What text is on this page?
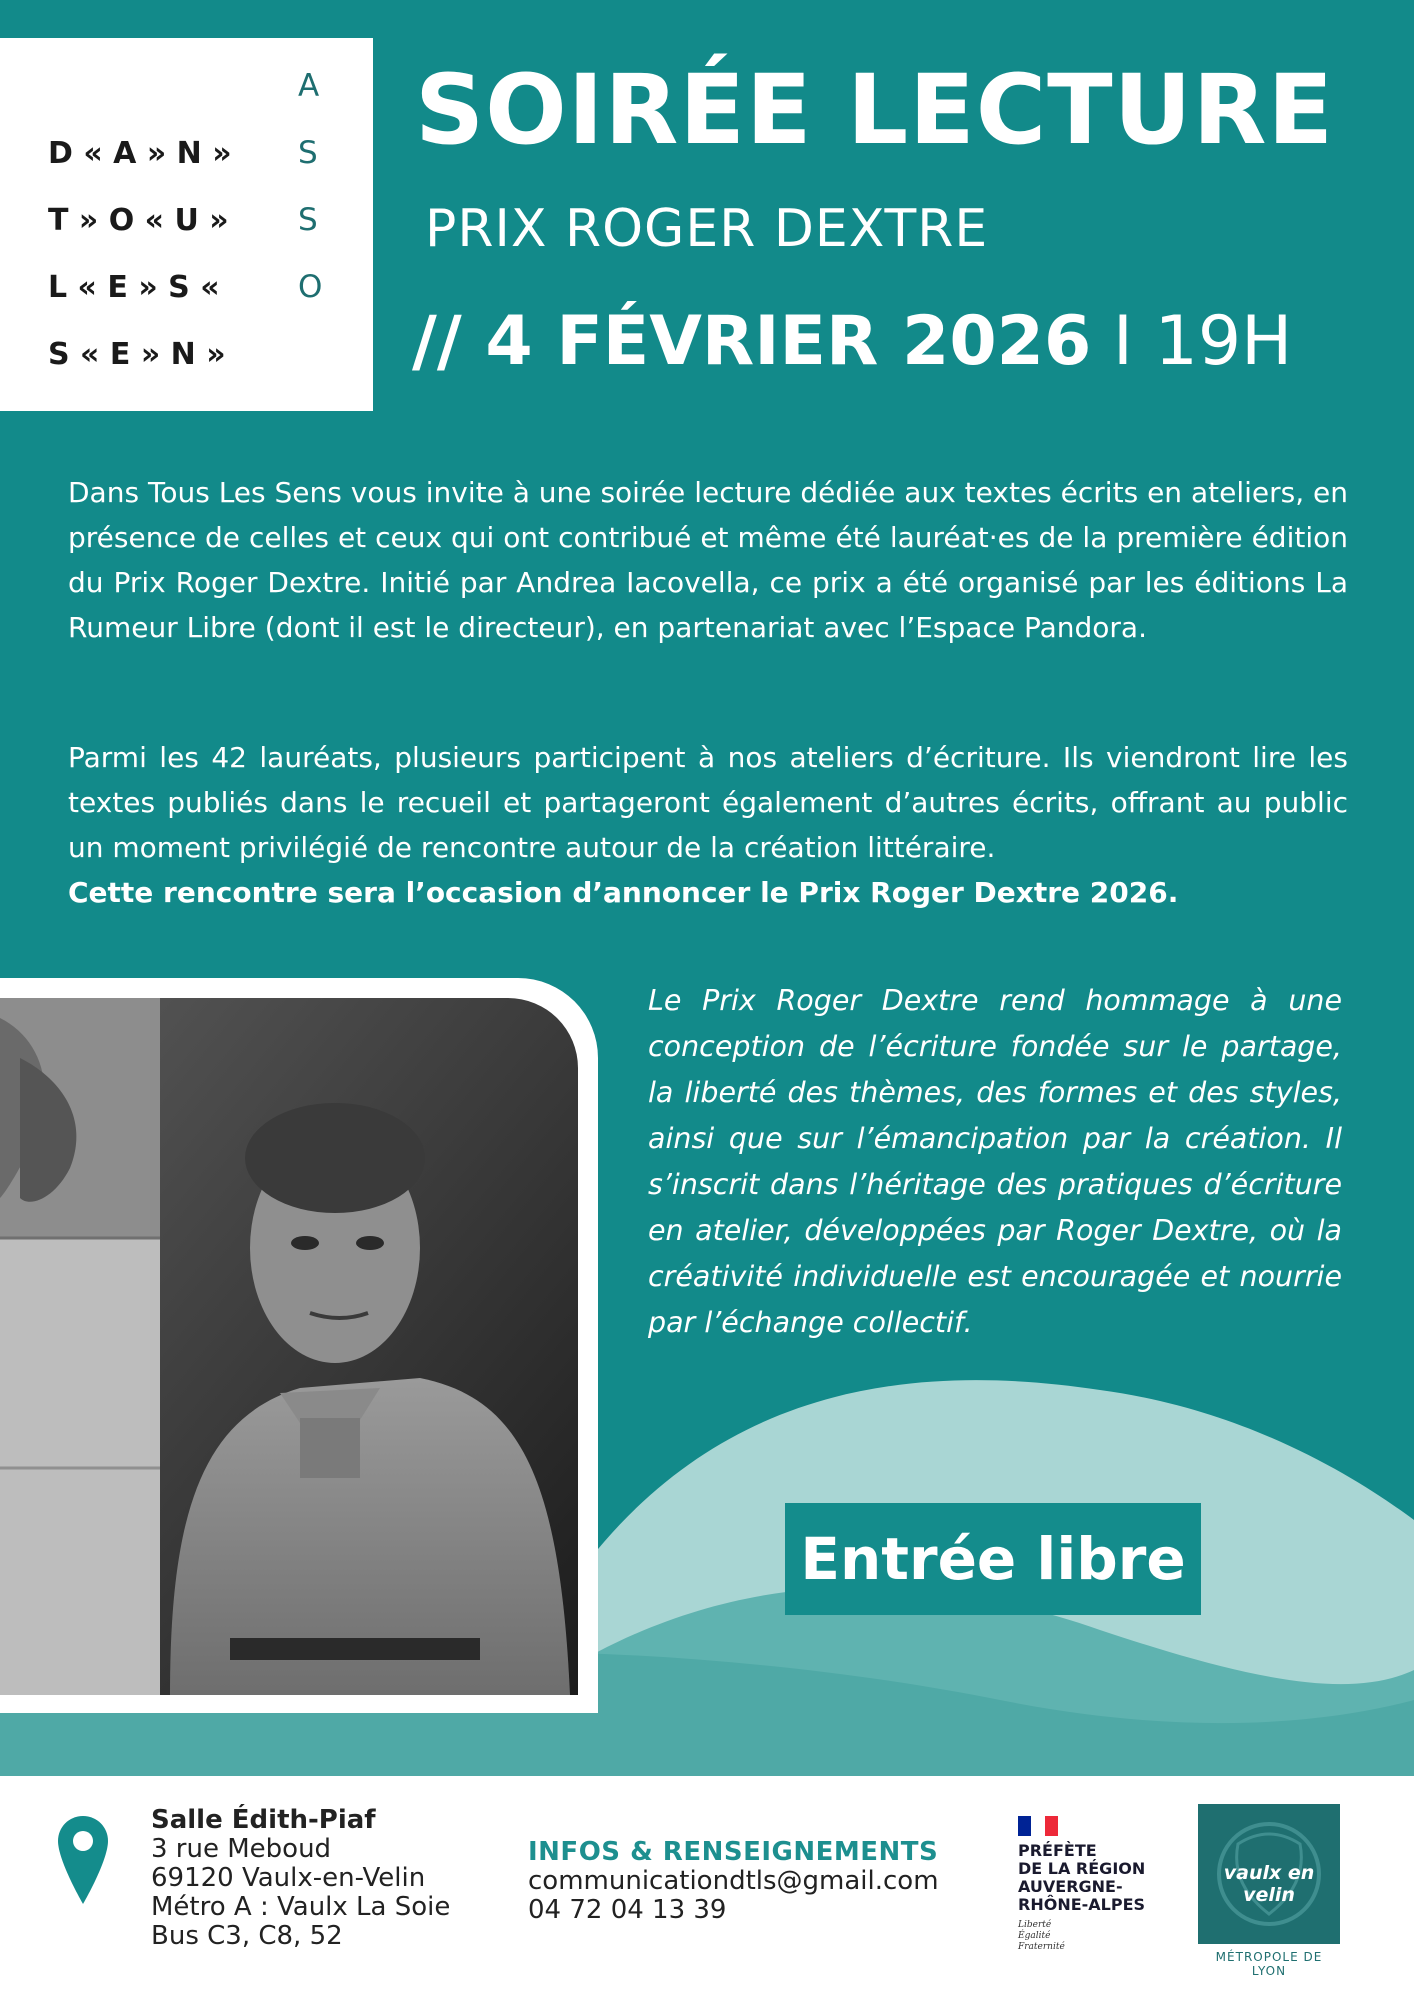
D « A » N »
T » O « U »
L « E » S «
S « E » N »
A
S
S
O
SOIRÉE LECTURE
PRIX ROGER DEXTRE
// 4 FÉVRIER 2026 I 19H
Dans Tous Les Sens vous invite à une soirée lecture dédiée aux textes écrits en ateliers, en présence de celles et ceux qui ont contribué et même été lauréat·es de la première édition du Prix Roger Dextre. Initié par Andrea Iacovella, ce prix a été organisé par les éditions La Rumeur Libre (dont il est le directeur), en partenariat avec l’Espace Pandora.
Parmi les 42 lauréats, plusieurs participent à nos ateliers d’écriture. Ils viendront lire les textes publiés dans le recueil et partageront également d’autres écrits, offrant au public un moment privilégié de rencontre autour de la création littéraire.
Cette rencontre sera l’occasion d’annoncer le Prix Roger Dextre 2026.
Le Prix Roger Dextre rend hommage à une conception de l’écriture fondée sur le partage, la liberté des thèmes, des formes et des styles, ainsi que sur l’émancipation par la création. Il s’inscrit dans l’héritage des pratiques d’écriture en atelier, développées par Roger Dextre, où la créativité individuelle est encouragée et nourrie par l’échange collectif.
Entrée libre
Salle Édith-Piaf
3 rue Meboud
69120 Vaulx-en-Velin
Métro A : Vaulx La Soie
Bus C3, C8, 52
INFOS & RENSEIGNEMENTS
communicationdtls@gmail.com
04 72 04 13 39
PRÉFÈTE
DE LA RÉGION
AUVERGNE-
RHÔNE-ALPES
Liberté
Égalité
Fraternité
vaulx en velin
MÉTROPOLE DE LYON
